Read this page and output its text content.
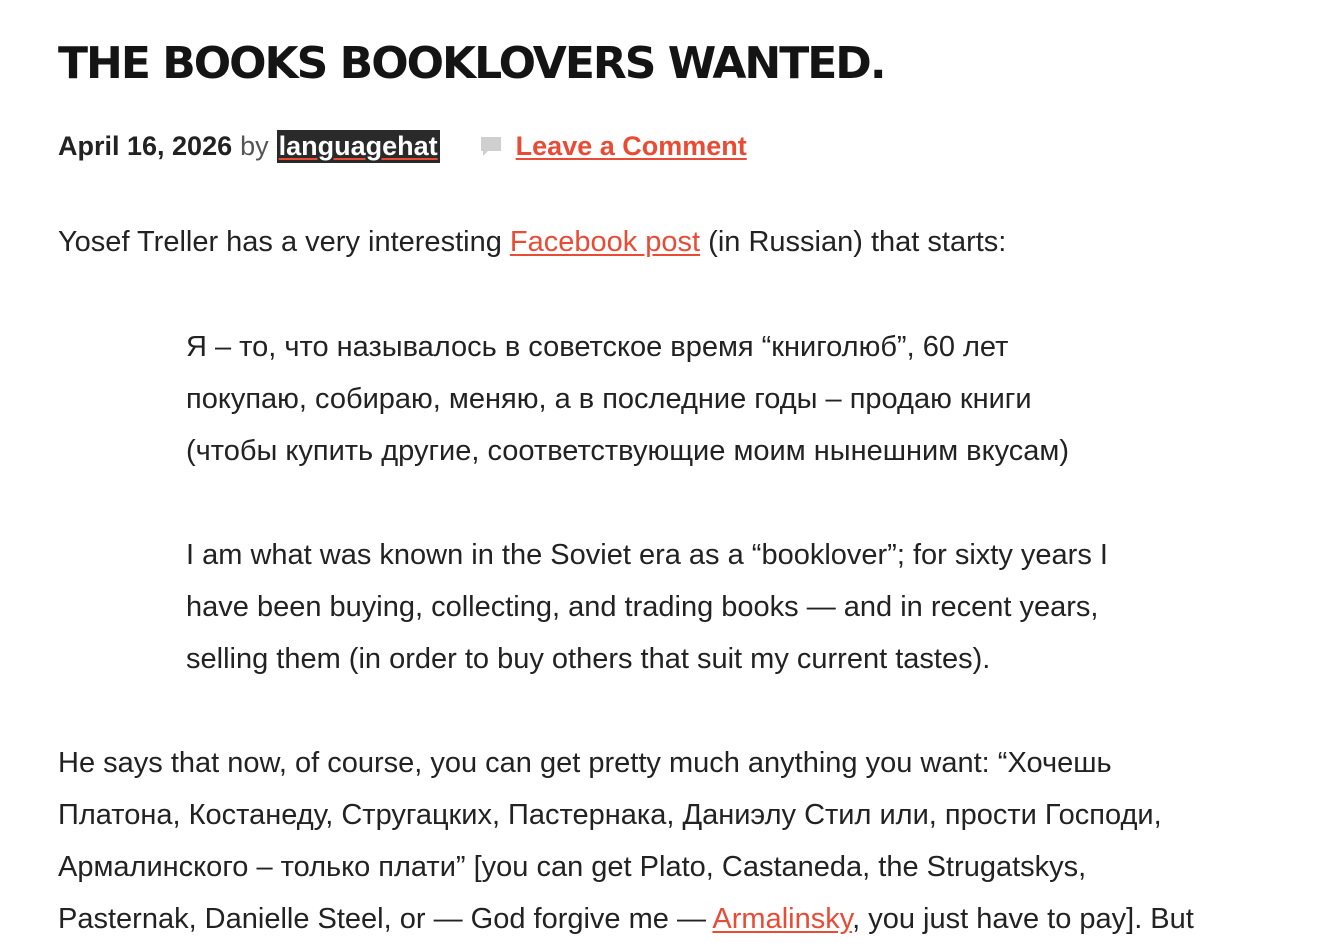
THE BOOKS BOOKLOVERS WANTED.
April 16, 2026 by languagehat	Leave a Comment

Yosef Treller has a very interesting Facebook post (in Russian) that starts:

Я – то, что называлось в советское время “книголюб”, 60 лет
покупаю, собираю, меняю, а в последние годы – продаю книги
(чтобы купить другие, соответствующие моим нынешним вкусам)
I am what was known in the Soviet era as a “booklover”; for sixty years I
have been buying, collecting, and trading books — and in recent years,
selling them (in order to buy others that suit my current tastes).
He says that now, of course, you can get pretty much anything you want: “Хочешь
Платона, Костанеду, Стругацких, Пастернака, Даниэлу Стил или, прости Господи,
Армалинского – только плати” [you can get Plato, Castaneda, the Strugatskys,
Pasternak, Danielle Steel, or — God forgive me — Armalinsky, you just have to pay]. But
